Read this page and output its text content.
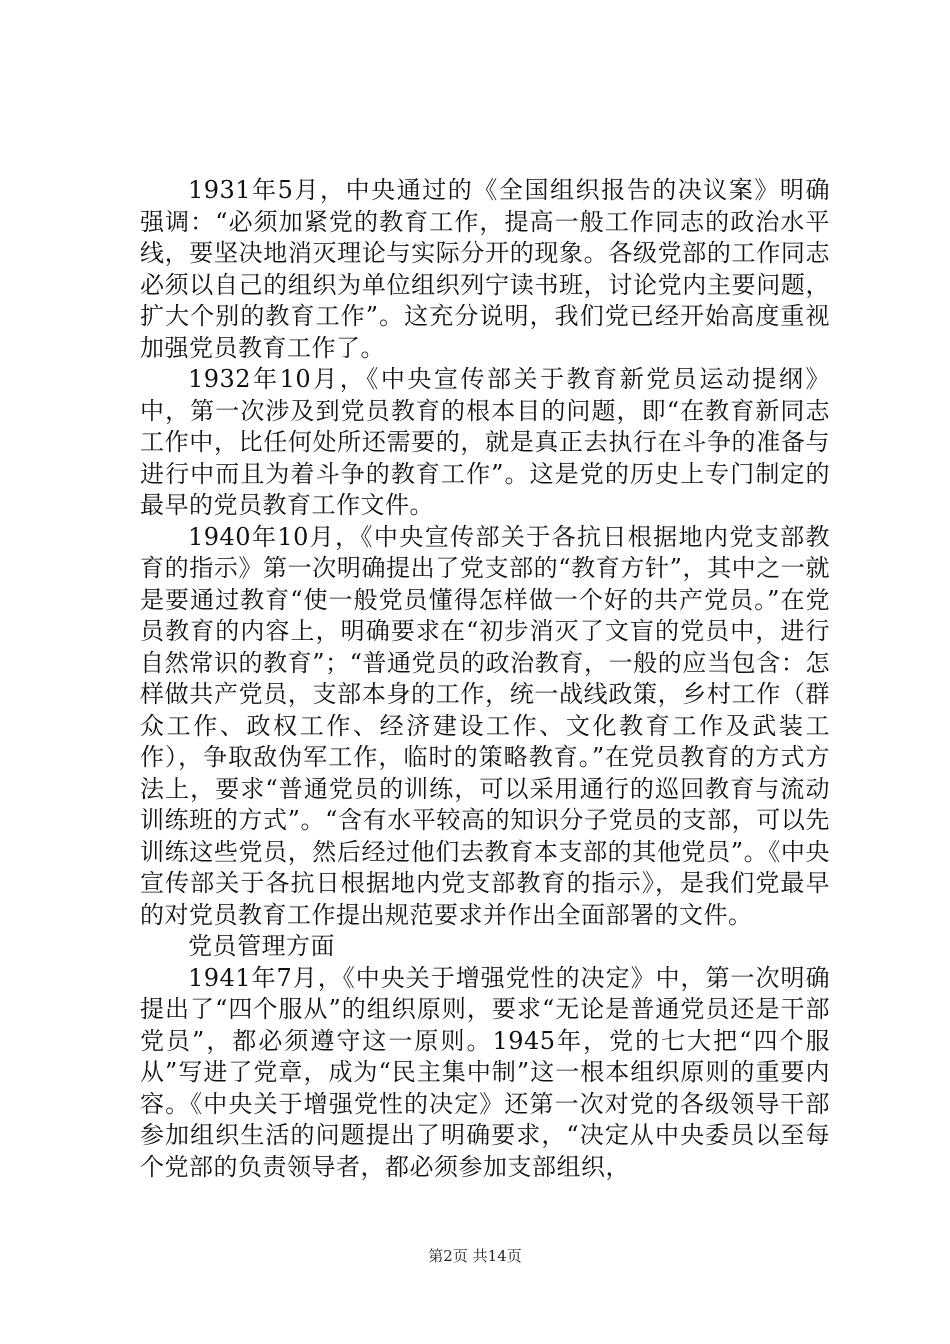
1931年5月，中央通过的《全国组织报告的决议案》明确强调：“必须加紧党的教育工作，提高一般工作同志的政治水平线，要坚决地消灭理论与实际分开的现象。各级党部的工作同志必须以自己的组织为单位组织列宁读书班，讨论党内主要问题，扩大个别的教育工作”。这充分说明，我们党已经开始高度重视加强党员教育工作了。

1932年10月，《中央宣传部关于教育新党员运动提纲》中，第一次涉及到党员教育的根本目的问题，即“在教育新同志工作中，比任何处所还需要的，就是真正去执行在斗争的准备与进行中而且为着斗争的教育工作”。这是党的历史上专门制定的最早的党员教育工作文件。

1940年10月，《中央宣传部关于各抗日根据地内党支部教育的指示》第一次明确提出了党支部的“教育方针”，其中之一就是要通过教育“使一般党员懂得怎样做一个好的共产党员。”在党员教育的内容上，明确要求在“初步消灭了文盲的党员中，进行自然常识的教育”；“普通党员的政治教育，一般的应当包含：怎样做共产党员，支部本身的工作，统一战线政策，乡村工作（群众工作、政权工作、经济建设工作、文化教育工作及武装工作），争取敌伪军工作，临时的策略教育。”在党员教育的方式方法上，要求“普通党员的训练，可以采用通行的巡回教育与流动训练班的方式”。“含有水平较高的知识分子党员的支部，可以先训练这些党员，然后经过他们去教育本支部的其他党员”。《中央宣传部关于各抗日根据地内党支部教育的指示》，是我们党最早的对党员教育工作提出规范要求并作出全面部署的文件。

党员管理方面

1941年7月，《中央关于增强党性的决定》中，第一次明确提出了“四个服从”的组织原则，要求“无论是普通党员还是干部党员”，都必须遵守这一原则。1945年，党的七大把“四个服从”写进了党章，成为“民主集中制”这一根本组织原则的重要内容。《中央关于增强党性的决定》还第一次对党的各级领导干部参加组织生活的问题提出了明确要求，“决定从中央委员以至每个党部的负责领导者，都必须参加支部组织，

第2页 共14页
